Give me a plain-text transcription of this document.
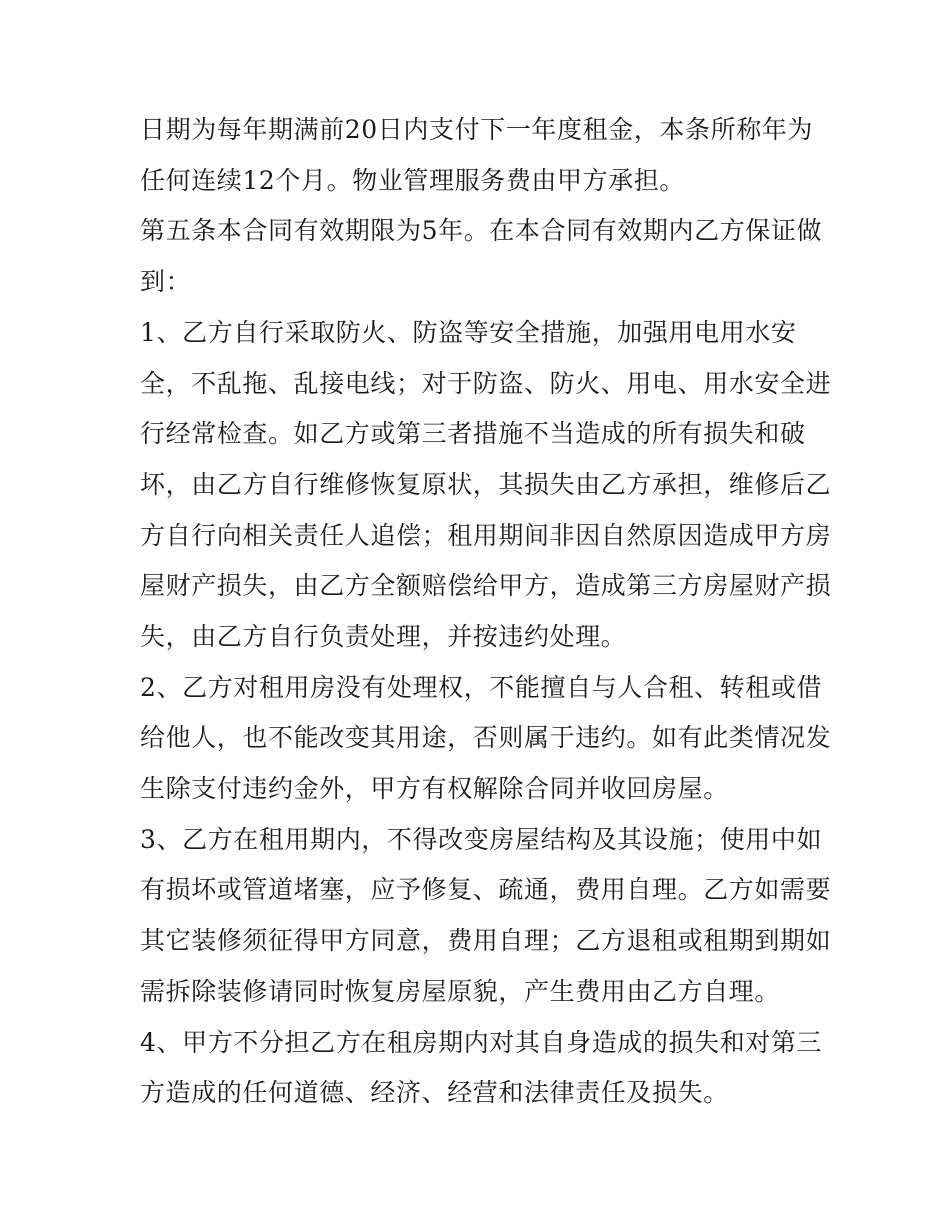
日期为每年期满前20日内支付下一年度租金，本条所称年为
任何连续12个月。物业管理服务费由甲方承担。
第五条本合同有效期限为5年。在本合同有效期内乙方保证做
到：
1、乙方自行采取防火、防盗等安全措施，加强用电用水安
全，不乱拖、乱接电线；对于防盗、防火、用电、用水安全进
行经常检查。如乙方或第三者措施不当造成的所有损失和破
坏，由乙方自行维修恢复原状，其损失由乙方承担，维修后乙
方自行向相关责任人追偿；租用期间非因自然原因造成甲方房
屋财产损失，由乙方全额赔偿给甲方，造成第三方房屋财产损
失，由乙方自行负责处理，并按违约处理。
2、乙方对租用房没有处理权，不能擅自与人合租、转租或借
给他人，也不能改变其用途，否则属于违约。如有此类情况发
生除支付违约金外，甲方有权解除合同并收回房屋。
3、乙方在租用期内，不得改变房屋结构及其设施；使用中如
有损坏或管道堵塞，应予修复、疏通，费用自理。乙方如需要
其它装修须征得甲方同意，费用自理；乙方退租或租期到期如
需拆除装修请同时恢复房屋原貌，产生费用由乙方自理。
4、甲方不分担乙方在租房期内对其自身造成的损失和对第三
方造成的任何道德、经济、经营和法律责任及损失。
